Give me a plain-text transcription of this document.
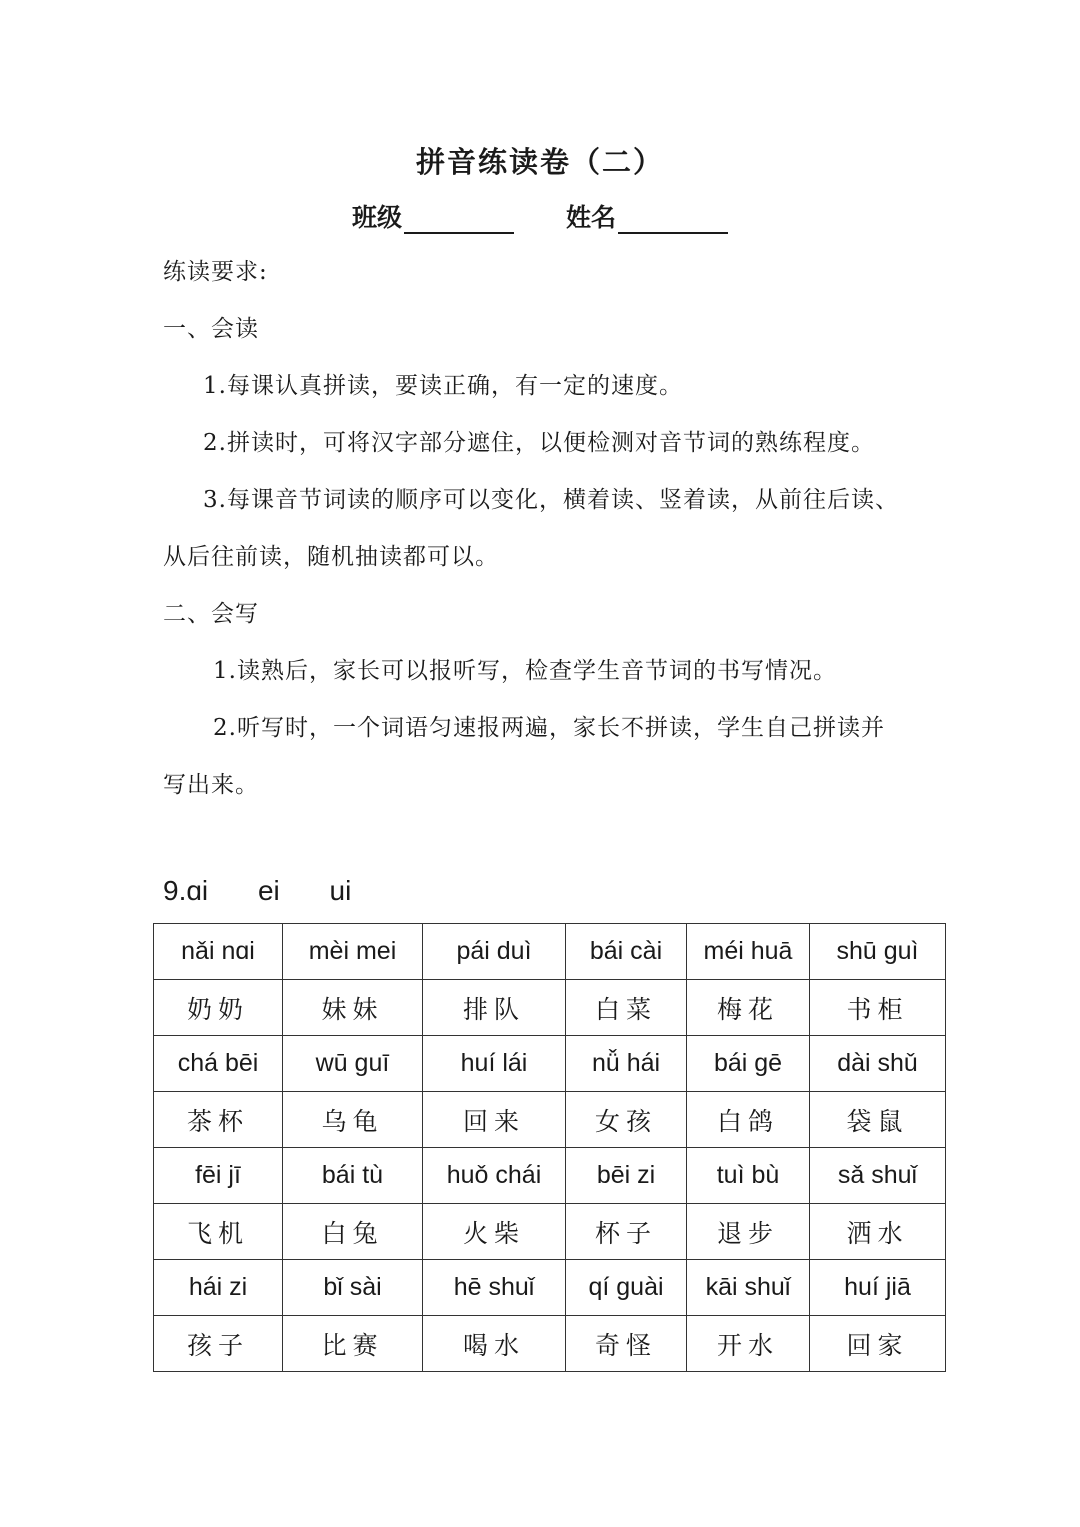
拼音练读卷（二）
班级	姓名

练读要求:

一、会读

1.每课认真拼读，要读正确，有一定的速度。

2.拼读时，可将汉字部分遮住，以便检测对音节词的熟练程度。

3.每课音节词读的顺序可以变化，横着读、竖着读，从前往后读、

从后往前读，随机抽读都可以。

二、会写

1.读熟后，家长可以报听写，检查学生音节词的书写情况。

2.听写时，一个词语匀速报两遍，家长不拼读，学生自己拼读并

写出来。

9.ɑi ei ui
nǎi nɑi	mèi mei	pái duì	bái cài	méi huā	shū guì
奶奶	妹妹	排队	白菜	梅花	书柜
chá bēi	wū guī	huí lái	nǚ hái	bái gē	dài shǔ
茶杯	乌龟	回来	女孩	白鸽	袋鼠
fēi jī	bái tù	huǒ chái	bēi zi	tuì bù	sǎ shuǐ
飞机	白兔	火柴	杯子	退步	洒水
hái zi	bǐ sài	hē shuǐ	qí guài	kāi shuǐ	huí jiā
孩子	比赛	喝水	奇怪	开水	回家
